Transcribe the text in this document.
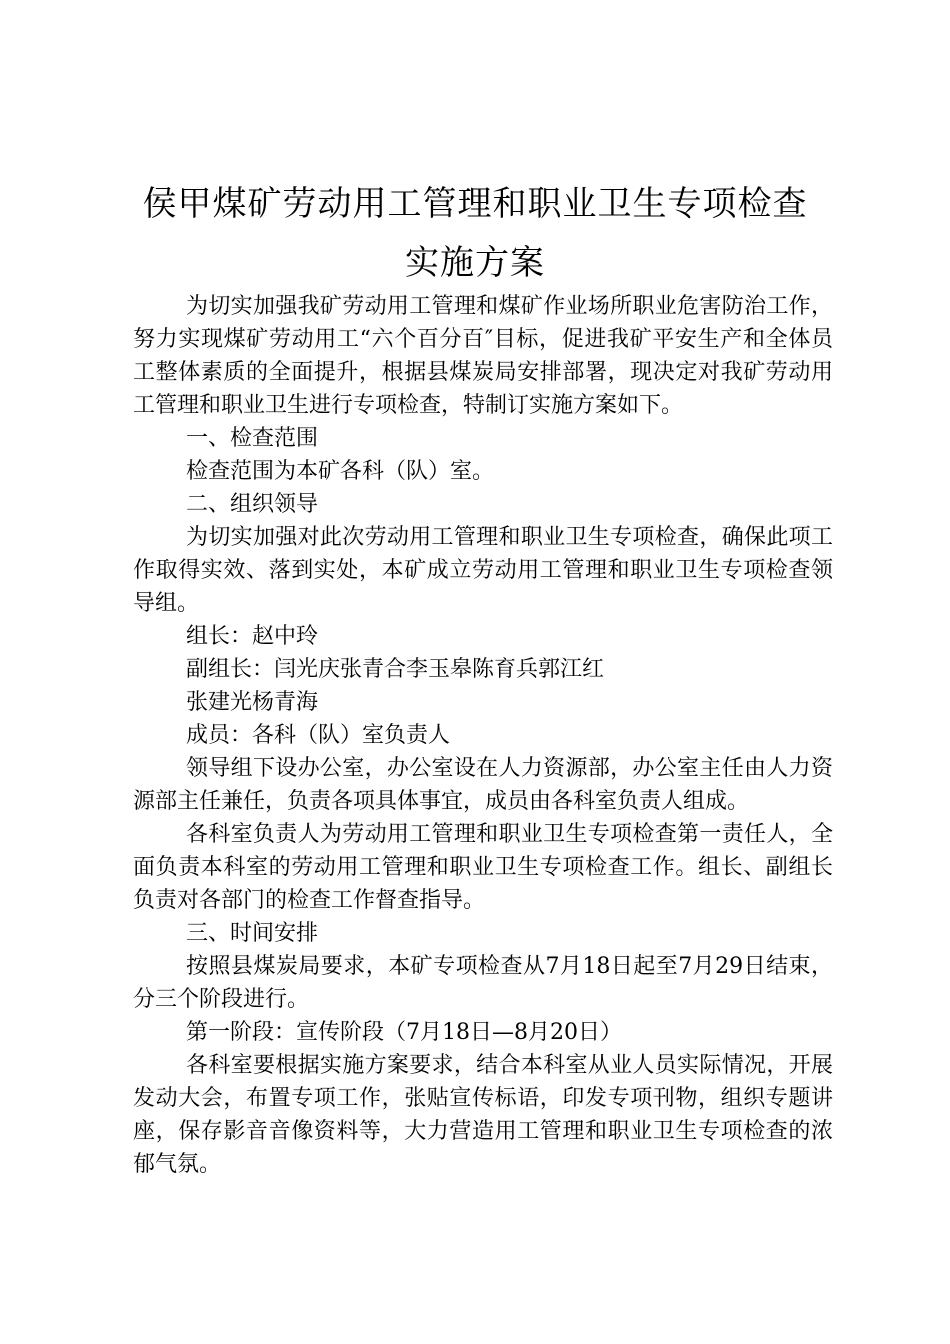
侯甲煤矿劳动用工管理和职业卫生专项检查
实施方案

为切实加强我矿劳动用工管理和煤矿作业场所职业危害防治工作，努力实现煤矿劳动用工“六个百分百″目标，促进我矿平安生产和全体员工整体素质的全面提升，根据县煤炭局安排部署，现决定对我矿劳动用工管理和职业卫生进行专项检查，特制订实施方案如下。

一、检查范围

检查范围为本矿各科（队）室。

二、组织领导

为切实加强对此次劳动用工管理和职业卫生专项检查，确保此项工作取得实效、落到实处，本矿成立劳动用工管理和职业卫生专项检查领导组。

组长：赵中玲

副组长：闫光庆张青合李玉皋陈育兵郭江红

张建光杨青海

成员：各科（队）室负责人

领导组下设办公室，办公室设在人力资源部，办公室主任由人力资源部主任兼任，负责各项具体事宜，成员由各科室负责人组成。

各科室负责人为劳动用工管理和职业卫生专项检查第一责任人，全面负责本科室的劳动用工管理和职业卫生专项检查工作。组长、副组长负责对各部门的检查工作督查指导。

三、时间安排

按照县煤炭局要求，本矿专项检查从7月18日起至7月29日结束，分三个阶段进行。

第一阶段：宣传阶段（7月18日—8月20日）

各科室要根据实施方案要求，结合本科室从业人员实际情况，开展发动大会，布置专项工作，张贴宣传标语，印发专项刊物，组织专题讲座，保存影音音像资料等，大力营造用工管理和职业卫生专项检查的浓郁气氛。
